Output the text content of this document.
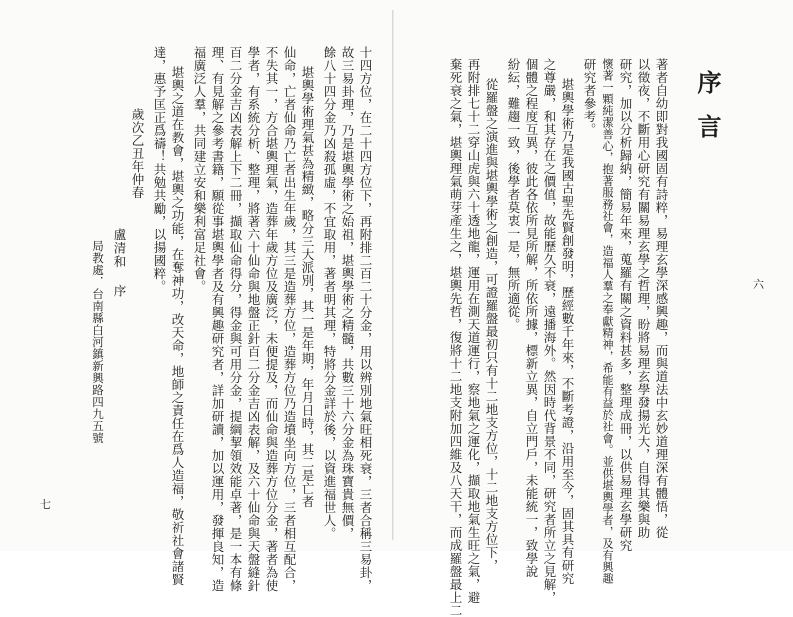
序言
著者自幼即對我國固有詩粹，易理玄學深感興趣，而與道法中玄妙道理深有體悟，從
以徵夜，不斷用心研究有關易理玄學之哲理，盼將易理玄學發揚光大，自得其樂與助
研究，加以分析歸納，簡易年來，蒐羅有關之資料甚多，整理成冊，以供易理玄學研究
懷著一顆純潔善心，抱著服務社會，造福人羣之奉獻精神，希能有益於社會。並供堪輿學者，及有興趣
研究者參考。
堪輿學術乃是我國古聖先賢創發明，歷經數千年來，不斷考證，沿用至今，固其具有研究
之尊嚴，和其存在之價值，故能歷久不衰，遠播海外。然因時代背景不同，研究者所立之見解，
個體之程度互異，彼此各依所見所解，所依所據，標新立異，自立門戶，未能統一，致學說
紛紜，難趨一致，後學者莫衷一是，無所適從。
從羅盤之演進與堪輿學術之創造，可證羅盤最初只有十二地支方位，十二地支方位下，
再附排七十二穿山虎與六十透地龍，運用在測天道運行，察地氣之運化，擷取地氣生旺之氣，避
棄死衰之氣，堪輿理氣萌芽產生之，堪輿先哲，復將十二地支附加四維及八天干，而成羅盤最上二	六
十四方位，在二十四方位下，再附排二百二十分金，用以辨別地氣旺相死衰，三者合稱三易卦，
故三易卦理，乃是堪輿學術之始祖，堪輿學術之精髓，共數三十六分金為珠寶貴無價，
餘八十四分金乃凶殺孤虛，不宜取用，著者明其理，特將分金詳於後，以資進福世人。
堪輿學術理氣甚為精緻，略分三大派別，其一是年期，年月日時，其二是亡者
仙命，亡者仙命乃亡者出生年歲，其三是造葬方位，造葬方位乃造墳坐向方位，三者相互配合，
不失其一，方合堪輿理氣，造葬年歲方位及廣泛，未便提及，而仙命與造葬方位分金，著者為使
學者，有系統分析、整理，將著六十仙命與地盤正針百二分金吉凶表解，及六十仙命與天盤縫針
百二分金吉凶表解上下二冊，擷取仙命得分，得金與可用分金，提綱挈領效能卓著，是一本有條
理、有見解之參考書籍，願從事堪輿學者及有興趣研究者，詳加研讀，加以運用，發揮良知，造
福廣泛人羣，共同建立安和樂利富足社會。
堪輿之道在教會，堪輿之功能，在奪神功，改天命，地師之責任在爲人造福，敬祈社會諸賢
達，惠予匡正爲禱！共勉共勵，以揚國粹。
歲次乙丑年仲春
盧清和 序
局教處．台南縣白河鎮新興路四九五號
七
